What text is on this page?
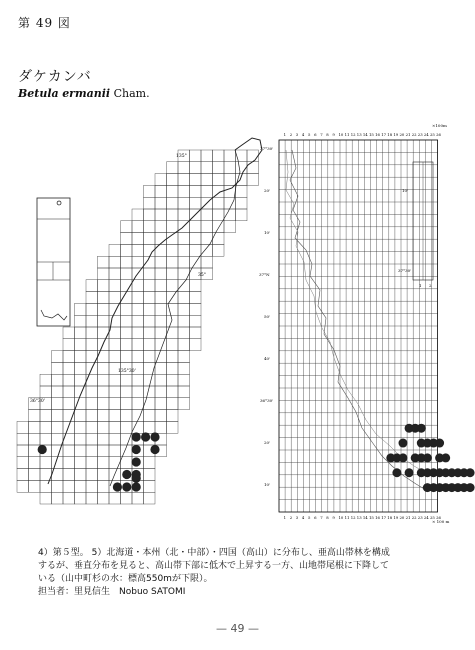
第 49 図
ダケカンバ
Betula ermanii Cham.
135°
35°
135°30'
36°30'
×100m
× 100 m
1 2 3 4 5 6 7 8 9 10 11 12 13 14 15 16 17 18 19 20 21 22 23 24 25 26
1 2 3 4 5 6 7 8 9 10 11 12 13 14 15 16 17 18 19 20 21 22 23 24 25 26
37°30'
20'
10'
37°N
50'
40'
36°30'
20'
10'
10'
37°30'
1 2

4）第５型。 5）北海道・本州（北・中部）・四国（高山）に分布し、亜高山帯林を構成

するが、垂直分布を見ると、高山帯下部に低木で上昇する一方、山地帯尾根に下降して

いる（山中町杉の水：標高550mが下限）。

担当者：里見信生　Nobuo SATOMI

— 49 —
